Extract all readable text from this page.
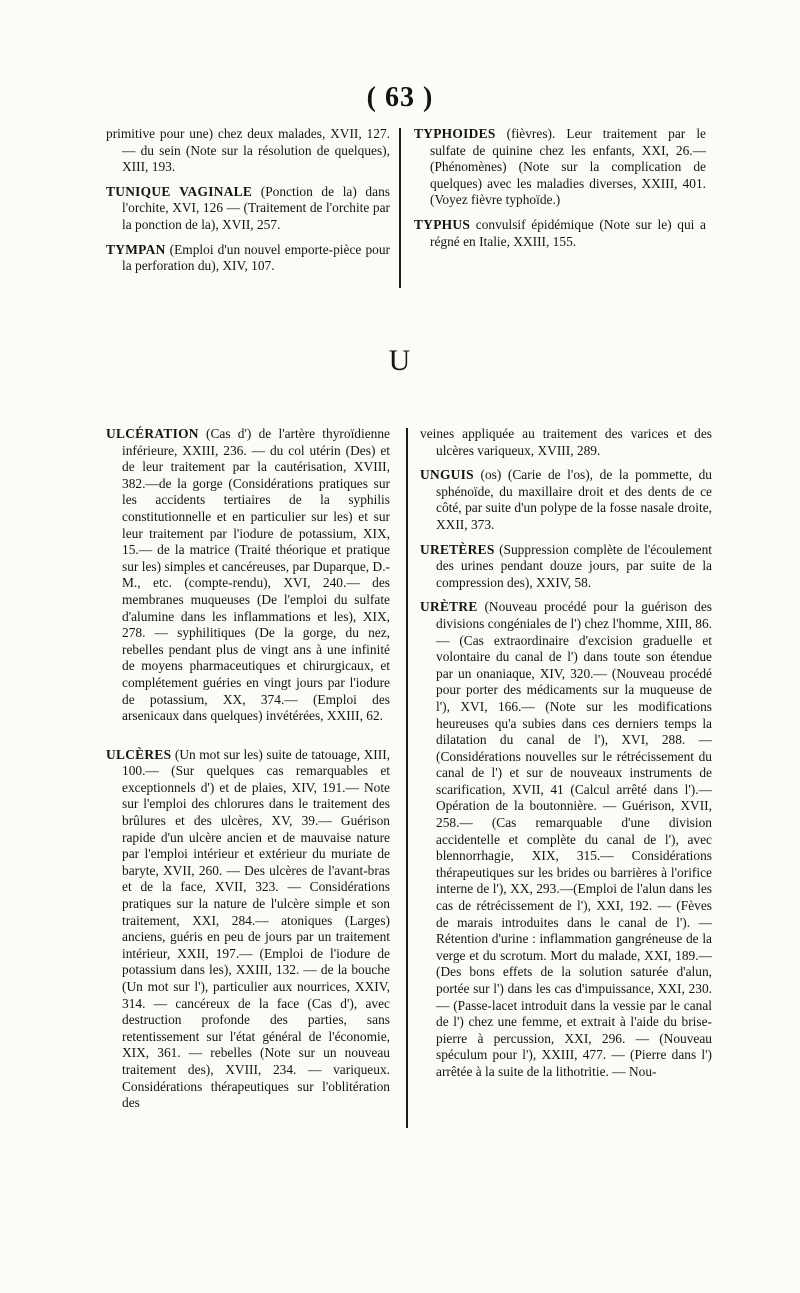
( 63 )

primitive pour une) chez deux malades, XVII, 127. — du sein (Note sur la résolution de quelques), XIII, 193.

TUNIQUE VAGINALE (Ponction de la) dans l'orchite, XVI, 126 — (Traitement de l'orchite par la ponction de la), XVII, 257.

TYMPAN (Emploi d'un nouvel emporte-pièce pour la perforation du), XIV, 107.

TYPHOIDES (fièvres). Leur traitement par le sulfate de quinine chez les enfants, XXI, 26.—(Phénomènes) (Note sur la complication de quelques) avec les maladies diverses, XXIII, 401. (Voyez fièvre typhoïde.)

TYPHUS convulsif épidémique (Note sur le) qui a régné en Italie, XXIII, 155.

U

ULCÉRATION (Cas d') de l'artère thyroïdienne inférieure, XXIII, 236. — du col utérin (Des) et de leur traitement par la cautérisation, XVIII, 382.—de la gorge (Considérations pratiques sur les accidents tertiaires de la syphilis constitutionnelle et en particulier sur les) et sur leur traitement par l'iodure de potassium, XIX, 15.— de la matrice (Traité théorique et pratique sur les) simples et cancéreuses, par Duparque, D.-M., etc. (compte-rendu), XVI, 240.— des membranes muqueuses (De l'emploi du sulfate d'alumine dans les inflammations et les), XIX, 278. — syphilitiques (De la gorge, du nez, rebelles pendant plus de vingt ans à une infinité de moyens pharmaceutiques et chirurgicaux, et complétement guéries en vingt jours par l'iodure de potassium, XX, 374.— (Emploi des arsenicaux dans quelques) invétérées, XXIII, 62.

ULCÈRES (Un mot sur les) suite de tatouage, XIII, 100.— (Sur quelques cas remarquables et exceptionnels d') et de plaies, XIV, 191.— Note sur l'emploi des chlorures dans le traitement des brûlures et des ulcères, XV, 39.— Guérison rapide d'un ulcère ancien et de mauvaise nature par l'emploi intérieur et extérieur du muriate de baryte, XVII, 260. — Des ulcères de l'avant-bras et de la face, XVII, 323. — Considérations pratiques sur la nature de l'ulcère simple et son traitement, XXI, 284.— atoniques (Larges) anciens, guéris en peu de jours par un traitement intérieur, XXII, 197.— (Emploi de l'iodure de potassium dans les), XXIII, 132. — de la bouche (Un mot sur l'), particulier aux nourrices, XXIV, 314. — cancéreux de la face (Cas d'), avec destruction profonde des parties, sans retentissement sur l'état général de l'économie, XIX, 361. — rebelles (Note sur un nouveau traitement des), XVIII, 234. — variqueux. Considérations thérapeutiques sur l'oblitération des

veines appliquée au traitement des varices et des ulcères variqueux, XVIII, 289.

UNGUIS (os) (Carie de l'os), de la pommette, du sphénoïde, du maxillaire droit et des dents de ce côté, par suite d'un polype de la fosse nasale droite, XXII, 373.

URETÈRES (Suppression complète de l'écoulement des urines pendant douze jours, par suite de la compression des), XXIV, 58.

URÈTRE (Nouveau procédé pour la guérison des divisions congéniales de l') chez l'homme, XIII, 86. — (Cas extraordinaire d'excision graduelle et volontaire du canal de l') dans toute son étendue par un onaniaque, XIV, 320.— (Nouveau procédé pour porter des médicaments sur la muqueuse de l'), XVI, 166.— (Note sur les modifications heureuses qu'a subies dans ces derniers temps la dilatation du canal de l'), XVI, 288. — (Considérations nouvelles sur le rétrécissement du canal de l') et sur de nouveaux instruments de scarification, XVII, 41 (Calcul arrêté dans l').— Opération de la boutonnière. — Guérison, XVII, 258.— (Cas remarquable d'une division accidentelle et complète du canal de l'), avec blennorrhagie, XIX, 315.— Considérations thérapeutiques sur les brides ou barrières à l'orifice interne de l'), XX, 293.—(Emploi de l'alun dans les cas de rétrécissement de l'), XXI, 192. — (Fèves de marais introduites dans le canal de l'). — Rétention d'urine : inflammation gangréneuse de la verge et du scrotum. Mort du malade, XXI, 189.—(Des bons effets de la solution saturée d'alun, portée sur l') dans les cas d'impuissance, XXI, 230. — (Passe-lacet introduit dans la vessie par le canal de l') chez une femme, et extrait à l'aide du brise-pierre à percussion, XXI, 296. — (Nouveau spéculum pour l'), XXIII, 477. — (Pierre dans l') arrêtée à la suite de la lithotritie. — Nou-
